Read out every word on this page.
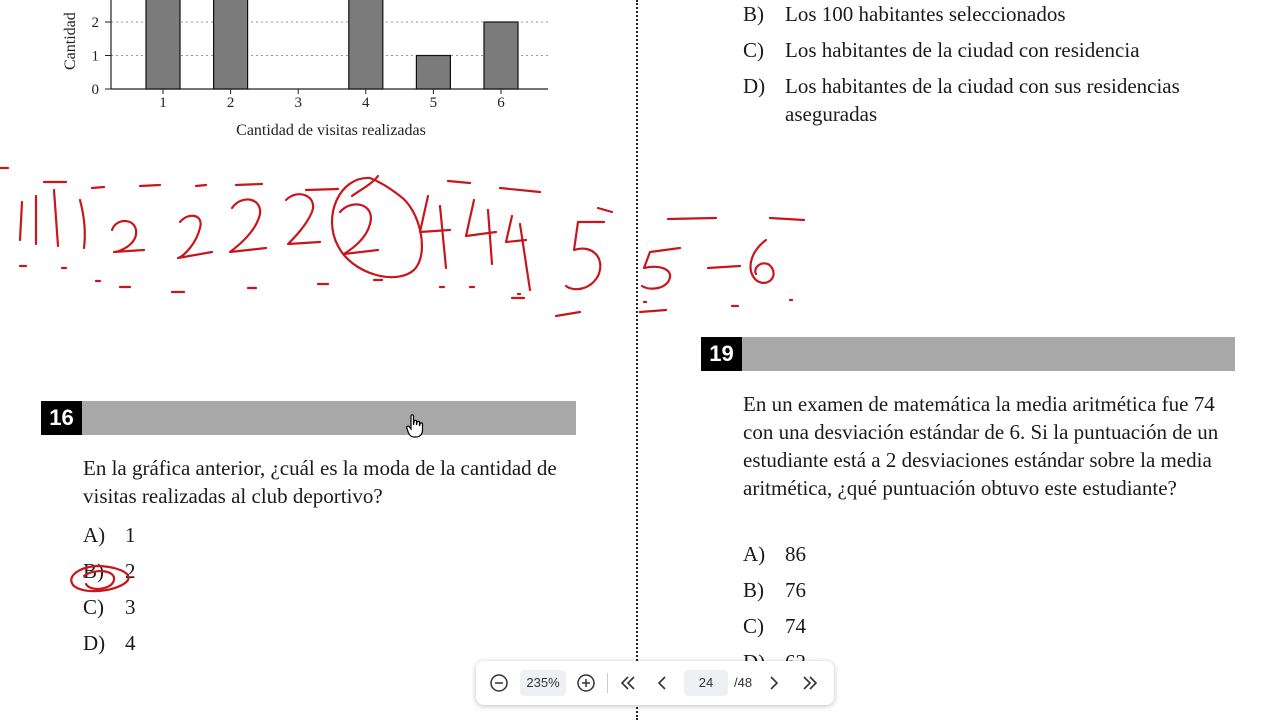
Cantidad
0
1
2
1	2	3	4	5	6
Cantidad de visitas realizadas
B) Los 100 habitantes seleccionados
C) Los habitantes de la ciudad con residencia
D) Los habitantes de la ciudad con sus residencias aseguradas
16
En la gráfica anterior, ¿cuál es la moda de la cantidad de visitas realizadas al club deportivo?
A) 1
B) 2
C) 3
D) 4
19
En un examen de matemática la media aritmética fue 74 con una desviación estándar de 6. Si la puntuación de un estudiante está a 2 desviaciones estándar sobre la media aritmética, ¿qué puntuación obtuvo este estudiante?
A) 86
B) 76
C) 74
235%	24	/48
